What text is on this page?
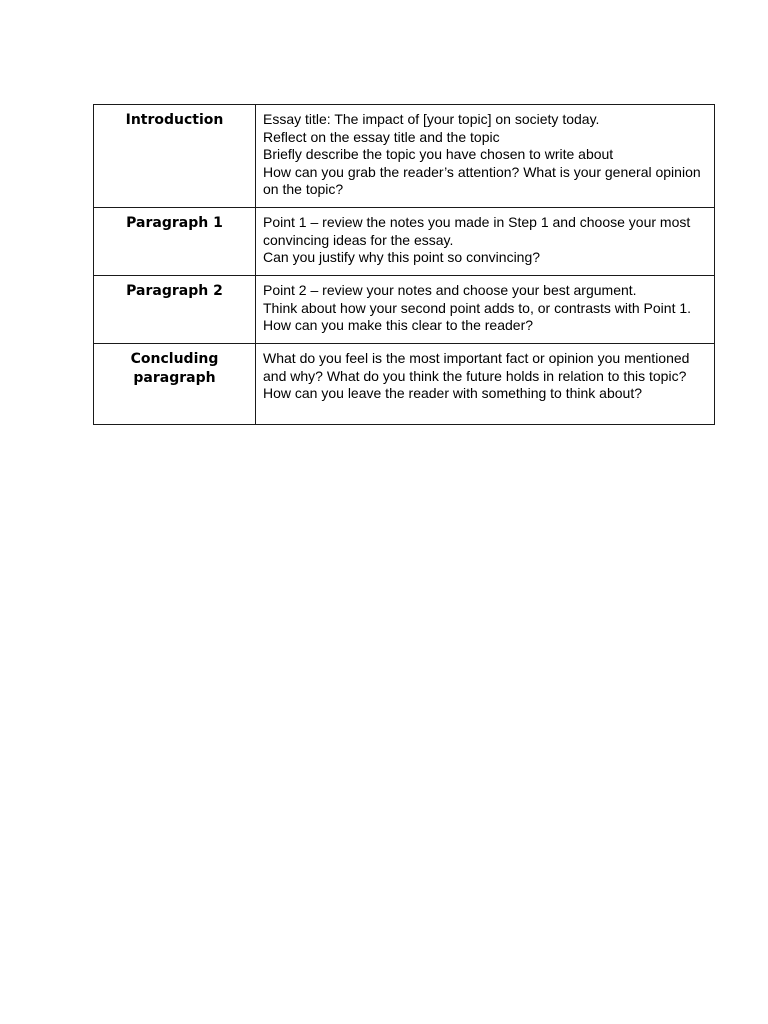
Introduction	Essay title: The impact of [your topic] on society today.
Reflect on the essay title and the topic
Briefly describe the topic you have chosen to write about
How can you grab the reader’s attention? What is your general opinion on the topic?

Paragraph 1	Point 1 – review the notes you made in Step 1 and choose your most convincing ideas for the essay.
Can you justify why this point so convincing?

Paragraph 2	Point 2 – review your notes and choose your best argument.
Think about how your second point adds to, or contrasts with Point 1.
How can you make this clear to the reader?

Concluding
paragraph	What do you feel is the most important fact or opinion you mentioned and why? What do you think the future holds in relation to this topic?
How can you leave the reader with something to think about?
